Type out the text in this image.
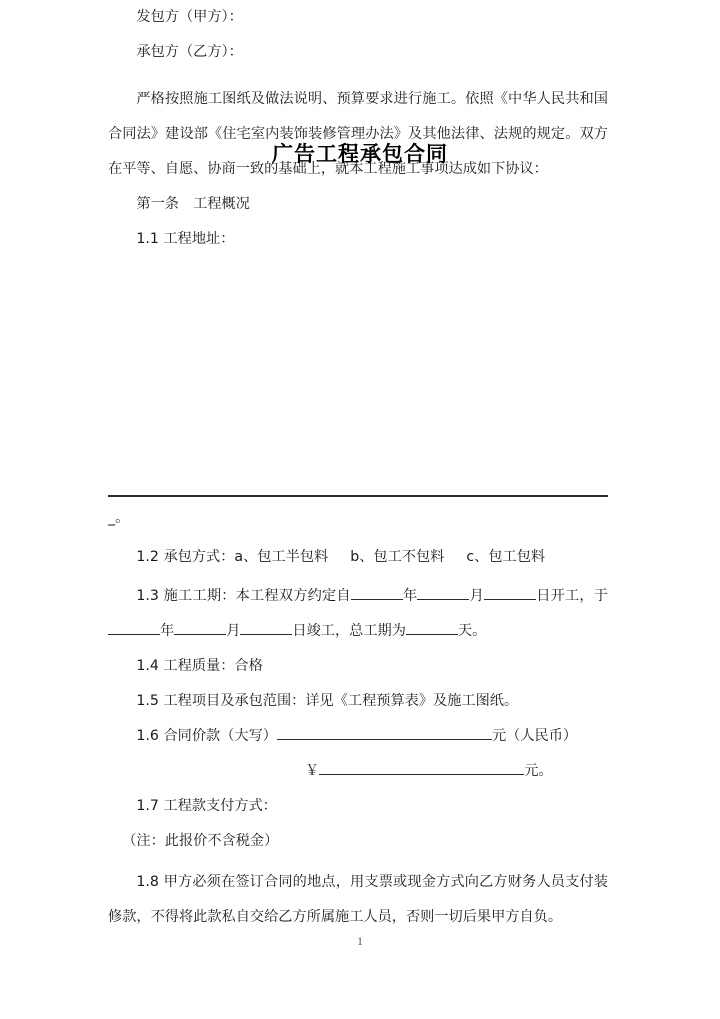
广告工程承包合同

发包方（甲方）：

承包方（乙方）：

严格按照施工图纸及做法说明、预算要求进行施工。依照《中华人民共和国合同法》建设部《住宅室内装饰装修管理办法》及其他法律、法规的规定。双方在平等、自愿、协商一致的基础上，就本工程施工事项达成如下协议：

第一条　工程概况

1.1 工程地址：

_。

1.2 承包方式：a、包工半包料 b、包工不包料 c、包工包料

1.3 施工工期：本工程双方约定自	年	月	日开工，于年	月	日竣工，总工期为	天。

1.4 工程质量：合格

1.5 工程项目及承包范围：详见《工程预算表》及施工图纸。

1.6 合同价款（大写）	元（人民币）

￥	元。

1.7 工程款支付方式：

（注：此报价不含税金）

1.8 甲方必须在签订合同的地点，用支票或现金方式向乙方财务人员支付装修款，不得将此款私自交给乙方所属施工人员，否则一切后果甲方自负。

1
